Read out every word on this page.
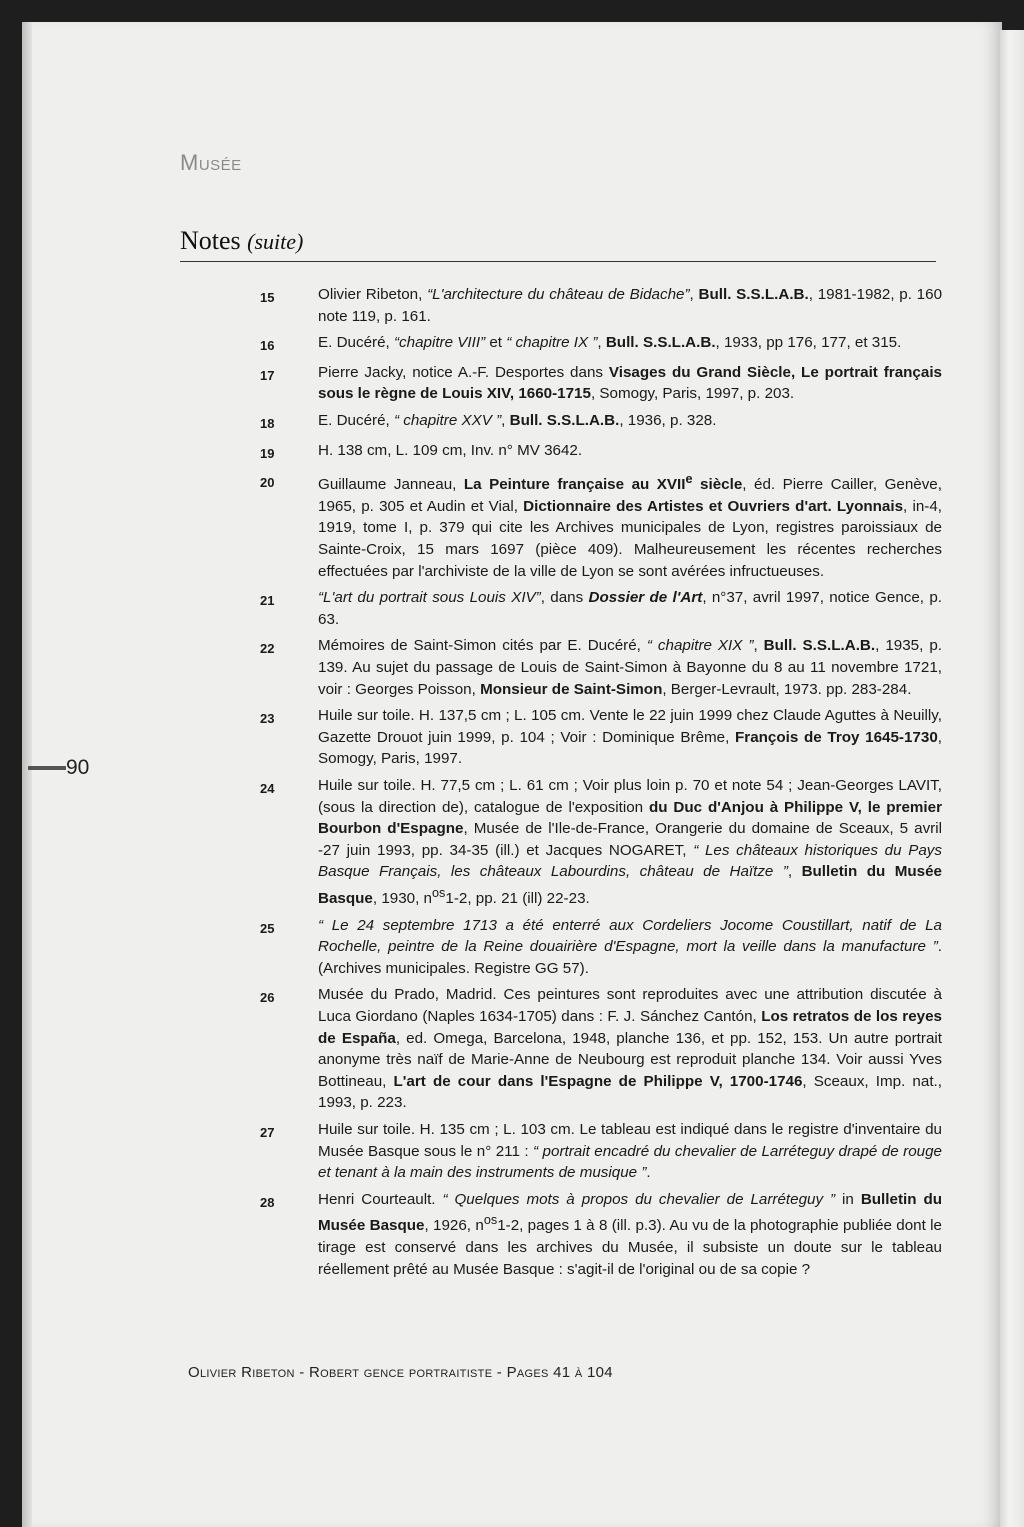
Musée
Notes (suite)
15	Olivier Ribeton, “L'architecture du château de Bidache”, Bull. S.S.L.A.B., 1981-1982, p. 160 note 119, p. 161.
16	E. Ducéré, “chapitre VIII” et “ chapitre IX ”, Bull. S.S.L.A.B., 1933, pp 176, 177, et 315.
17	Pierre Jacky, notice A.-F. Desportes dans Visages du Grand Siècle, Le portrait français sous le règne de Louis XIV, 1660-1715, Somogy, Paris, 1997, p. 203.
18	E. Ducéré, “ chapitre XXV ”, Bull. S.S.L.A.B., 1936, p. 328.
19	H. 138 cm, L. 109 cm, Inv. n° MV 3642.
20	Guillaume Janneau, La Peinture française au XVIIe siècle, éd. Pierre Cailler, Genève, 1965, p. 305 et Audin et Vial, Dictionnaire des Artistes et Ouvriers d'art. Lyonnais, in-4, 1919, tome I, p. 379 qui cite les Archives municipales de Lyon, registres paroissiaux de Sainte-Croix, 15 mars 1697 (pièce 409). Malheureusement les récentes recherches effectuées par l'archiviste de la ville de Lyon se sont avérées infructueuses.
21	“L'art du portrait sous Louis XIV”, dans Dossier de l'Art, n°37, avril 1997, notice Gence, p. 63.
22	Mémoires de Saint-Simon cités par E. Ducéré, “ chapitre XIX ”, Bull. S.S.L.A.B., 1935, p. 139. Au sujet du passage de Louis de Saint-Simon à Bayonne du 8 au 11 novembre 1721, voir : Georges Poisson, Monsieur de Saint-Simon, Berger-Levrault, 1973. pp. 283-284.
23	Huile sur toile. H. 137,5 cm ; L. 105 cm. Vente le 22 juin 1999 chez Claude Aguttes à Neuilly, Gazette Drouot juin 1999, p. 104 ; Voir : Dominique Brême, François de Troy 1645-1730, Somogy, Paris, 1997.
24	Huile sur toile. H. 77,5 cm ; L. 61 cm ; Voir plus loin p. 70 et note 54 ; Jean-Georges LAVIT, (sous la direction de), catalogue de l'exposition du Duc d'Anjou à Philippe V, le premier Bourbon d'Espagne, Musée de l'Ile-de-France, Orangerie du domaine de Sceaux, 5 avril -27 juin 1993, pp. 34-35 (ill.) et Jacques NOGARET, “ Les châteaux historiques du Pays Basque Français, les châteaux Labourdins, château de Haïtze ”, Bulletin du Musée Basque, 1930, $n^{os}1-2$, pp. 21 (ill) 22-23.
25	“ Le 24 septembre 1713 a été enterré aux Cordeliers Jocome Coustillart, natif de La Rochelle, peintre de la Reine douairière d'Espagne, mort la veille dans la manufacture ”. (Archives municipales. Registre GG 57).
26	Musée du Prado, Madrid. Ces peintures sont reproduites avec une attribution discutée à Luca Giordano (Naples 1634-1705) dans : F. J. Sánchez Cantón, Los retratos de los reyes de España, ed. Omega, Barcelona, 1948, planche 136, et pp. 152, 153. Un autre portrait anonyme très naïf de Marie-Anne de Neubourg est reproduit planche 134. Voir aussi Yves Bottineau, L'art de cour dans l'Espagne de Philippe V, 1700-1746, Sceaux, Imp. nat., 1993, p. 223.
27	Huile sur toile. H. 135 cm ; L. 103 cm. Le tableau est indiqué dans le registre d'inventaire du Musée Basque sous le n° 211 : “ portrait encadré du chevalier de Larréteguy drapé de rouge et tenant à la main des instruments de musique ”.
28	Henri Courteault. “ Quelques mots à propos du chevalier de Larréteguy ” in Bulletin du Musée Basque, 1926, $n^{os}1-2$, pages 1 à 8 (ill. p.3). Au vu de la photographie publiée dont le tirage est conservé dans les archives du Musée, il subsiste un doute sur le tableau réellement prêté au Musée Basque : s'agit-il de l'original ou de sa copie ?
90
Olivier Ribeton - Robert gence portraitiste - Pages 41 à 104
